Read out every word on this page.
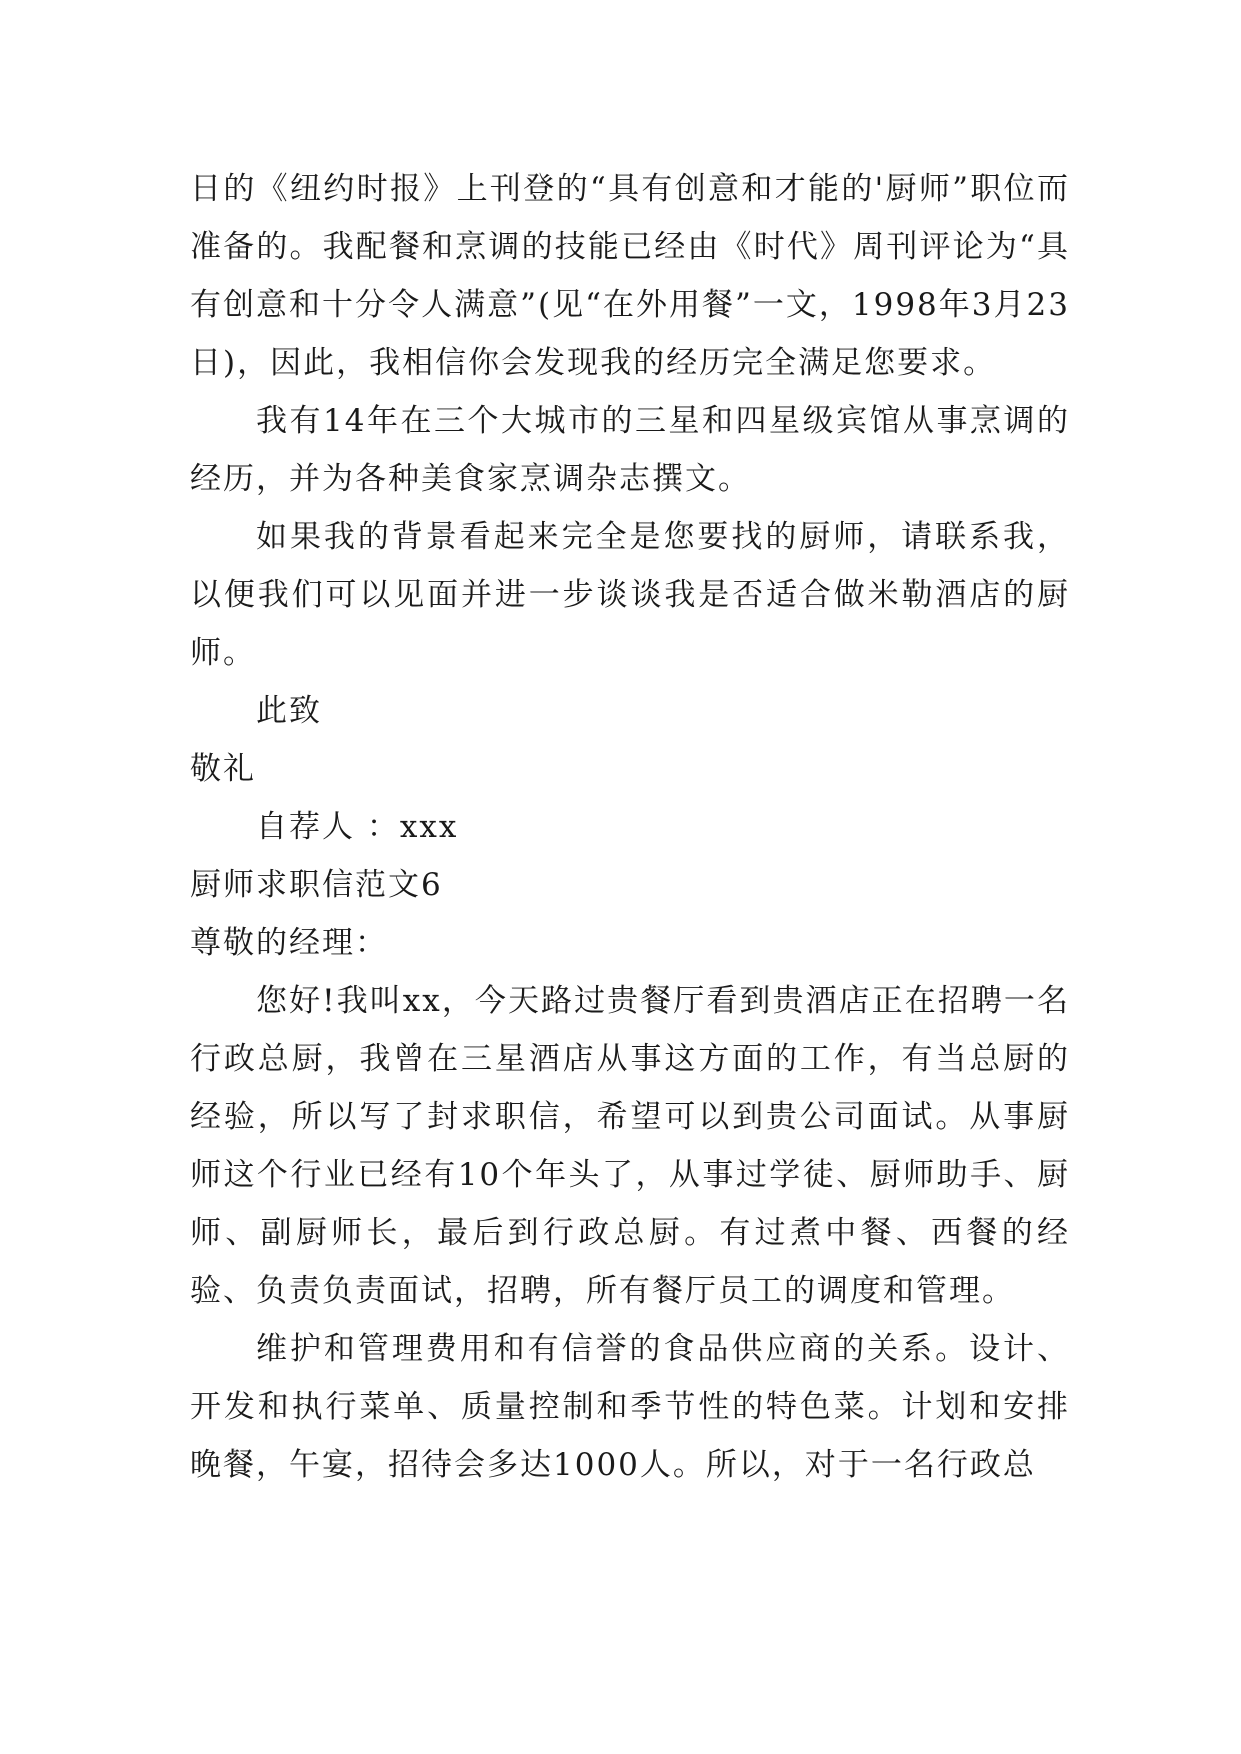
日的《纽约时报》上刊登的“具有创意和才能的'厨师”职位而准备的。我配餐和烹调的技能已经由《时代》周刊评论为“具有创意和十分令人满意”(见“在外用餐”一文，1998年3月23日)，因此，我相信你会发现我的经历完全满足您要求。

我有14年在三个大城市的三星和四星级宾馆从事烹调的经历，并为各种美食家烹调杂志撰文。

如果我的背景看起来完全是您要找的厨师，请联系我，以便我们可以见面并进一步谈谈我是否适合做米勒酒店的厨师。

此致

敬礼

自荐人 ：xxx

厨师求职信范文6

尊敬的经理：

您好!我叫xx，今天路过贵餐厅看到贵酒店正在招聘一名行政总厨，我曾在三星酒店从事这方面的工作，有当总厨的经验，所以写了封求职信，希望可以到贵公司面试。从事厨师这个行业已经有10个年头了，从事过学徒、厨师助手、厨师、副厨师长，最后到行政总厨。有过煮中餐、西餐的经验、负责负责面试，招聘，所有餐厅员工的调度和管理。

维护和管理费用和有信誉的食品供应商的关系。设计、开发和执行菜单、质量控制和季节性的特色菜。计划和安排晚餐，午宴，招待会多达1000人。所以，对于一名行政总
